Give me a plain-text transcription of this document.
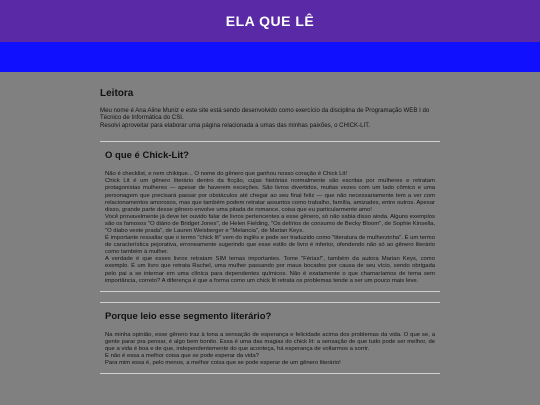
ELA QUE LÊ
Leitora

Meu nome é Ana Aline Muniz e este site está sendo desenvolvido como exercício da disciplina de Programação WEB I do Técnico de Informática do CSI.

Resolvi aproveitar para elaborar uma página relacionada a umas das minhas paixões, o CHICK-LIT.

O que é Chick-Lit?

Não é checklist, e nem chiklque... O nome do gênero que ganhou nosso coração é Chick Lit!

Chick Lit é um gênero literário dentro da ficção, cujas histórias normalmente são escritas por mulheres e retratam protagonistas mulheres — apesar de haverem exceções. São livros divertidos, muitas vezes com um lado cômico e uma personagem que precisará passar por obstáculos até chegar ao seu final feliz — que não necessariamente tem a ver com relacionamentos amorosos, mas que também podem retratar assuntos como trabalho, família, amizades, entre outros. Apesar disso, grande parte desse gênero envolve uma pitada de romance, coisa que eu particularmente amo!

Você provavelmente já deve ter ouvido falar de livros pertencentes a esse gênero, só não sabia disso ainda. Alguns exemplos são os famosos "O diário de Bridget Jones", de Helen Fielding, "Os delírios de consumo de Becky Bloom", de Sophie Kinsella, "O diabo veste prada", de Lauren Weisberger e "Melancia", de Marian Keys.

É importante ressaltar que o termo "chick lit" vem do inglês e pode ser traduzido como "literatura de mulherzinha". É um termo de característica pejorativa, erroneamente sugerindo que esse estilo de livro é inferior, ofendendo não só ao gênero literário como também à mulher.

A verdade é que esses livros retratam SIM temas importantes. Tome "Férias!", também da autora Marian Keys, como exemplo. É um livro que retrata Rachel, uma mulher passando por maus bocados por causa de seu vício, sendo obrigada pelo pai a se internar em uma clínica para dependentes químicos. Não é exatamente o que chamaríamos de tema sem importância, correto? A diferença é que a forma como um chick lit retrata os problemas tende a ser um pouco mais leve.

Porque leio esse segmento literário?

Na minha opinião, esse gênero traz à tona a sensação de esperança e felicidade acima dos problemas da vida. O que se, a gente parar pra pensar, é algo bem bonito. Essa é uma das magias do chick lit: a sensação de que tudo pode ser melhor, de que a vida é boa e de que, independentemente do que aconteça, há esperança de voltarmos a sorrir.

E não é essa a melhor coisa que se pode esperar da vida?

Para mim essa é, pelo menos, a melhor coisa que se pode esperar de um gênero literário!
